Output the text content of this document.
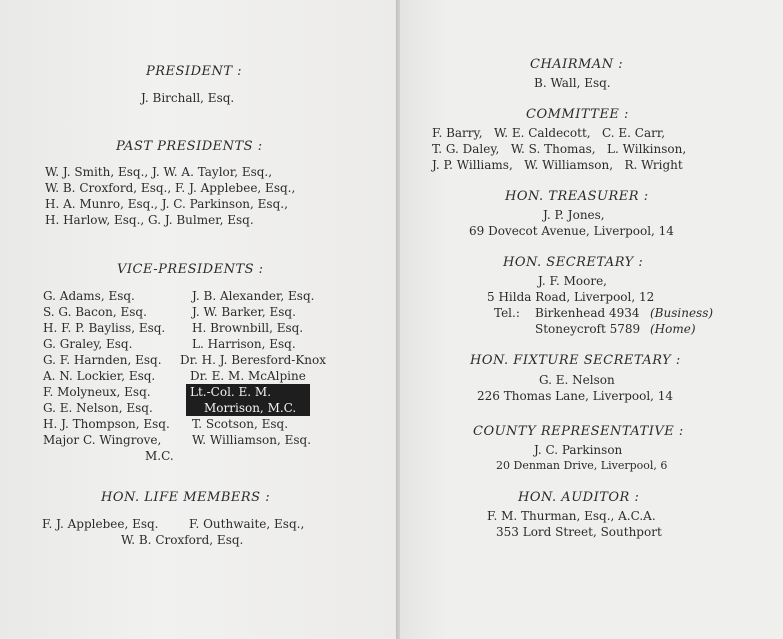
PRESIDENT :
J. Birchall, Esq.
PAST PRESIDENTS :
W. J. Smith, Esq., J. W. A. Taylor, Esq.,
W. B. Croxford, Esq., F. J. Applebee, Esq.,
H. A. Munro, Esq., J. C. Parkinson, Esq.,
H. Harlow, Esq., G. J. Bulmer, Esq.
VICE-PRESIDENTS :
G. Adams, Esq.
S. G. Bacon, Esq.
H. F. P. Bayliss, Esq.
G. Graley, Esq.
G. F. Harnden, Esq.
A. N. Lockier, Esq.
F. Molyneux, Esq.
G. E. Nelson, Esq.
H. J. Thompson, Esq.
Major C. Wingrove,
M.C.
J. B. Alexander, Esq.
J. W. Barker, Esq.
H. Brownbill, Esq.
L. Harrison, Esq.
Dr. H. J. Beresford-Knox
Dr. E. M. McAlpine
Lt.-Col. E. M.
Morrison, M.C.
T. Scotson, Esq.
W. Williamson, Esq.
HON. LIFE MEMBERS :
F. J. Applebee, Esq.        F. Outhwaite, Esq.,
W. B. Croxford, Esq.
CHAIRMAN :
B. Wall, Esq.
COMMITTEE :
F. Barry,   W. E. Caldecott,   C. E. Carr,
T. G. Daley,   W. S. Thomas,   L. Wilkinson,
J. P. Williams,   W. Williamson,   R. Wright
HON. TREASURER :
J. P. Jones,
69 Dovecot Avenue, Liverpool, 14
HON. SECRETARY :
J. F. Moore,
5 Hilda Road, Liverpool, 12
Tel.: Birkenhead 4934 (Business)
Stoneycroft 5789 (Home)
HON. FIXTURE SECRETARY :
G. E. Nelson
226 Thomas Lane, Liverpool, 14
COUNTY REPRESENTATIVE :
J. C. Parkinson
20 Denman Drive, Liverpool, 6
HON. AUDITOR :
F. M. Thurman, Esq., A.C.A.
353 Lord Street, Southport
